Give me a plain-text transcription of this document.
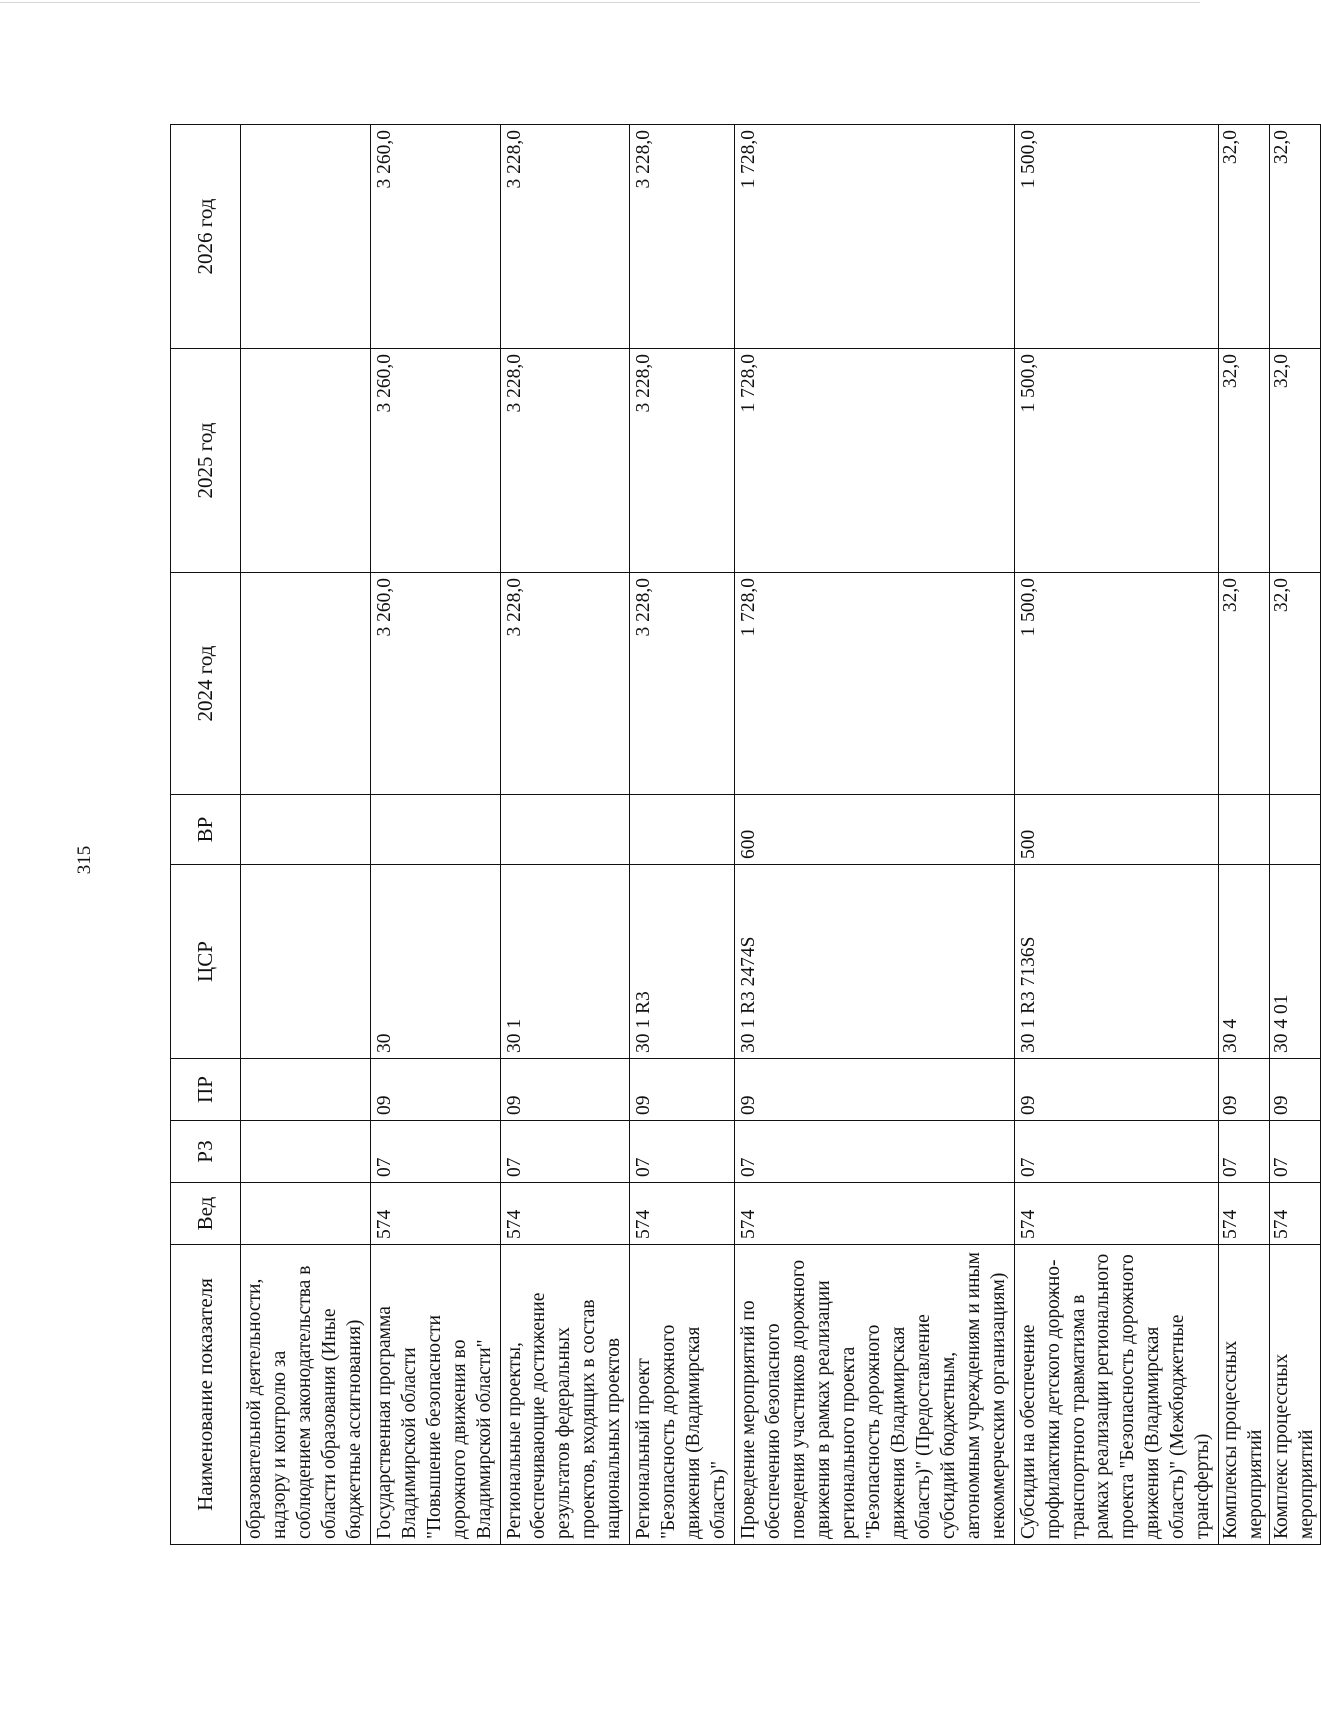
315
Наименование показателя	Вед	РЗ	ПР	ЦСР	ВР	2024 год	2025 год	2026 год
образовательной деятельности, надзору и контролю за соблюдением законодательства в области образования (Иные бюджетные ассигнования)								
Государственная программа Владимирской области "Повышение безопасности дорожного движения во Владимирской области"	574	07	09	30		3 260,0	3 260,0	3 260,0
Региональные проекты, обеспечивающие достижение результатов федеральных проектов, входящих в состав национальных проектов	574	07	09	30 1		3 228,0	3 228,0	3 228,0
Региональный проект "Безопасность дорожного движения (Владимирская область)"	574	07	09	30 1 R3		3 228,0	3 228,0	3 228,0
Проведение мероприятий по обеспечению безопасного поведения участников дорожного движения в рамках реализации регионального проекта "Безопасность дорожного движения (Владимирская область)" (Предоставление субсидий бюджетным, автономным учреждениям и иным некоммерческим организациям)	574	07	09	30 1 R3 2474S	600	1 728,0	1 728,0	1 728,0
Субсидии на обеспечение профилактики детского дорожно-транспортного травматизма в рамках реализации регионального проекта "Безопасность дорожного движения (Владимирская область)" (Межбюджетные трансферты)	574	07	09	30 1 R3 7136S	500	1 500,0	1 500,0	1 500,0
Комплексы процессных мероприятий	574	07	09	30 4		32,0	32,0	32,0
Комплекс процессных мероприятий	574	07	09	30 4 01		32,0	32,0	32,0
